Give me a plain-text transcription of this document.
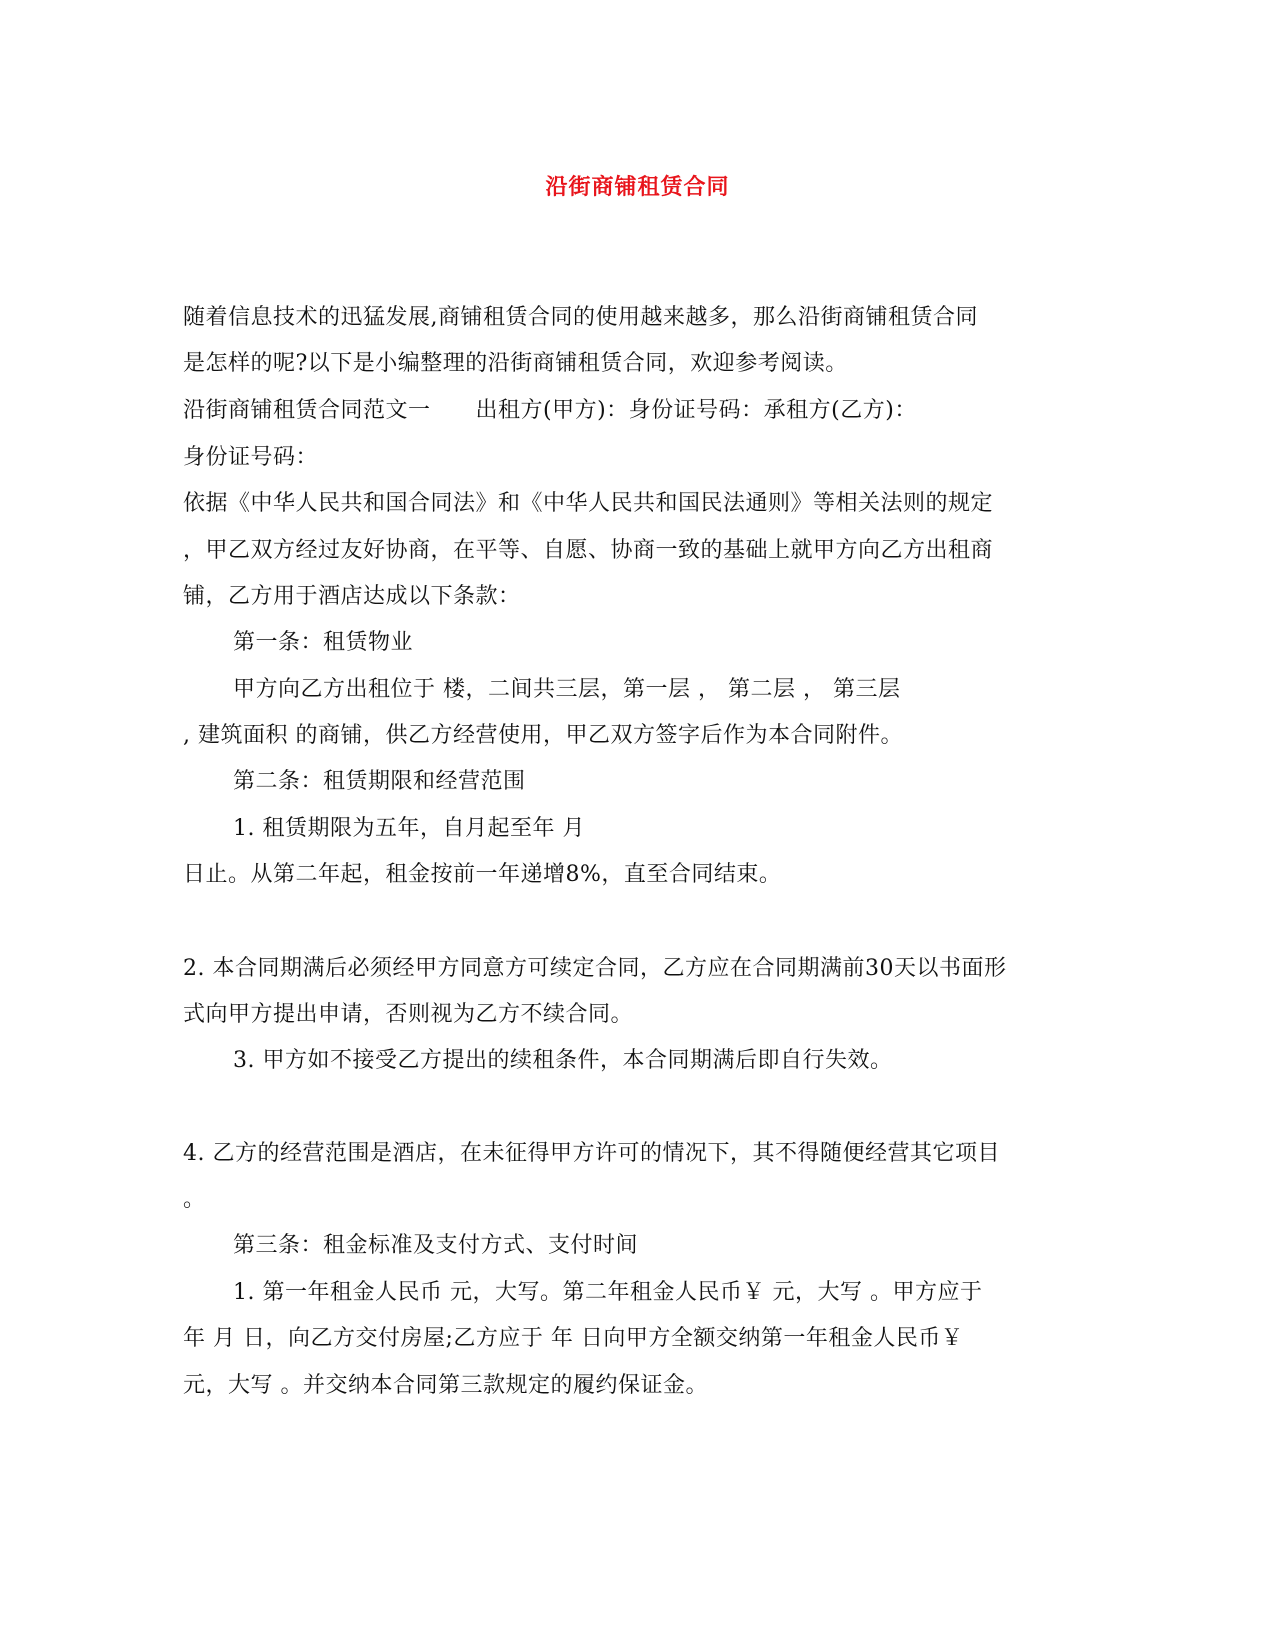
沿街商铺租赁合同
随着信息技术的迅猛发展,商铺租赁合同的使用越来越多，那么沿街商铺租赁合同
是怎样的呢?以下是小编整理的沿街商铺租赁合同，欢迎参考阅读。
沿街商铺租赁合同范文一　　出租方(甲方)：身份证号码：承租方(乙方)：
身份证号码：
依据《中华人民共和国合同法》和《中华人民共和国民法通则》等相关法则的规定
，甲乙双方经过友好协商，在平等、自愿、协商一致的基础上就甲方向乙方出租商
铺，乙方用于酒店达成以下条款：
第一条：租赁物业
甲方向乙方出租位于 楼，二间共三层，第一层 ， 第二层 ， 第三层
, 建筑面积 的商铺，供乙方经营使用，甲乙双方签字后作为本合同附件。
第二条：租赁期限和经营范围
1. 租赁期限为五年，自月起至年 月
日止。从第二年起，租金按前一年递增8%，直至合同结束。
2. 本合同期满后必须经甲方同意方可续定合同，乙方应在合同期满前30天以书面形
式向甲方提出申请，否则视为乙方不续合同。
3. 甲方如不接受乙方提出的续租条件，本合同期满后即自行失效。
4. 乙方的经营范围是酒店，在未征得甲方许可的情况下，其不得随便经营其它项目
。
第三条：租金标准及支付方式、支付时间
1. 第一年租金人民币 元，大写。第二年租金人民币￥ 元，大写 。甲方应于
年 月 日，向乙方交付房屋;乙方应于 年 日向甲方全额交纳第一年租金人民币￥
元，大写 。并交纳本合同第三款规定的履约保证金。
